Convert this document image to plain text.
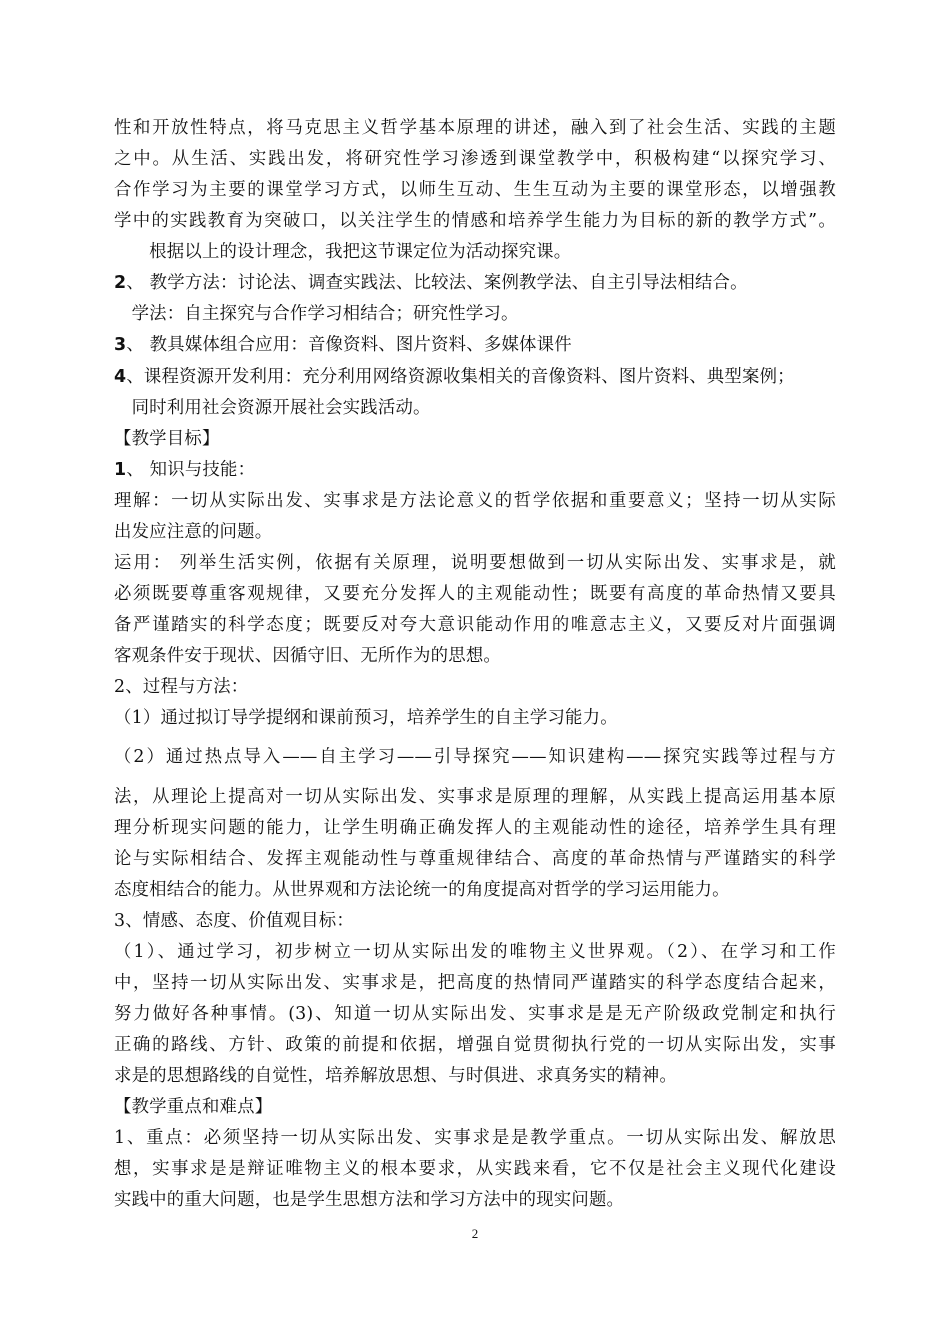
性和开放性特点，将马克思主义哲学基本原理的讲述，融入到了社会生活、实践的主题
之中。从生活、实践出发，将研究性学习渗透到课堂教学中，积极构建“以探究学习、
合作学习为主要的课堂学习方式，以师生互动、生生互动为主要的课堂形态，以增强教
学中的实践教育为突破口，以关注学生的情感和培养学生能力为目标的新的教学方式”。
　　根据以上的设计理念，我把这节课定位为活动探究课。
2、 教学方法：讨论法、调查实践法、比较法、案例教学法、自主引导法相结合。
　学法：自主探究与合作学习相结合；研究性学习。
3、 教具媒体组合应用：音像资料、图片资料、多媒体课件
4、课程资源开发利用：充分利用网络资源收集相关的音像资料、图片资料、典型案例；
　同时利用社会资源开展社会实践活动。
【教学目标】
1、 知识与技能：
理解：一切从实际出发、实事求是方法论意义的哲学依据和重要意义；坚持一切从实际
出发应注意的问题。
运用： 列举生活实例，依据有关原理，说明要想做到一切从实际出发、实事求是，就
必须既要尊重客观规律，又要充分发挥人的主观能动性；既要有高度的革命热情又要具
备严谨踏实的科学态度；既要反对夸大意识能动作用的唯意志主义，又要反对片面强调
客观条件安于现状、因循守旧、无所作为的思想。
2、过程与方法：
（1）通过拟订导学提纲和课前预习，培养学生的自主学习能力。
（2）通过热点导入——自主学习——引导探究——知识建构——探究实践等过程与方
法，从理论上提高对一切从实际出发、实事求是原理的理解，从实践上提高运用基本原
理分析现实问题的能力，让学生明确正确发挥人的主观能动性的途径，培养学生具有理
论与实际相结合、发挥主观能动性与尊重规律结合、高度的革命热情与严谨踏实的科学
态度相结合的能力。从世界观和方法论统一的角度提高对哲学的学习运用能力。
3、情感、态度、价值观目标：
（1）、通过学习，初步树立一切从实际出发的唯物主义世界观。（2）、在学习和工作
中，坚持一切从实际出发、实事求是，把高度的热情同严谨踏实的科学态度结合起来，
努力做好各种事情。(3)、知道一切从实际出发、实事求是是无产阶级政党制定和执行
正确的路线、方针、政策的前提和依据，增强自觉贯彻执行党的一切从实际出发，实事
求是的思想路线的自觉性，培养解放思想、与时俱进、求真务实的精神。
【教学重点和难点】
1、重点：必须坚持一切从实际出发、实事求是是教学重点。一切从实际出发、解放思
想，实事求是是辩证唯物主义的根本要求，从实践来看，它不仅是社会主义现代化建设
实践中的重大问题，也是学生思想方法和学习方法中的现实问题。
2
